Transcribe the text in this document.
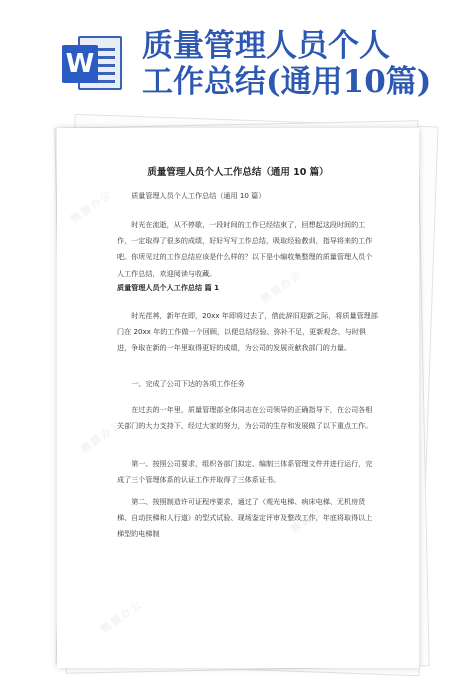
W 质量管理人员个人
工作总结(通用10篇)
熊猫办公
熊猫办公
熊猫办公
熊猫办公
熊猫办公
质量管理人员个人工作总结（通用 10 篇）
质量管理人员个人工作总结（通用 10 篇）
时光在流逝，从不停歇，一段时间的工作已经结束了，回想起这段时间的工作，一定取得了很多的成绩，好好写写工作总结，吸取经验教训，指导将来的工作吧。你所见过的工作总结应该是什么样的？以下是小编收集整理的质量管理人员个人工作总结，欢迎阅读与收藏。
质量管理人员个人工作总结 篇 1
时光荏苒，新年在即，20xx 年即将过去了，借此辞旧迎新之际，将质量管理部门在 20xx 年的工作做一个回顾，以便总结经验、弥补不足，更新观念、与时俱进，争取在新的一年里取得更好的成绩，为公司的发展贡献我部门的力量。
一、完成了公司下达的各项工作任务
在过去的一年里，质量管理部全体同志在公司领导的正确指导下，在公司各相关部门的大力支持下，经过大家的努力，为公司的生存和发展做了以下重点工作。
第一、按照公司要求，组织各部门拟定、编制三体系管理文件并进行运行，完成了三个管理体系的认证工作并取得了三体系证书。
第二、按照制造许可证程序要求，通过了（观光电梯、病床电梯、无机房货梯、自动扶梯和人行道）的型式试验、现场鉴定评审及整改工作，年底将取得以上梯型的电梯制
